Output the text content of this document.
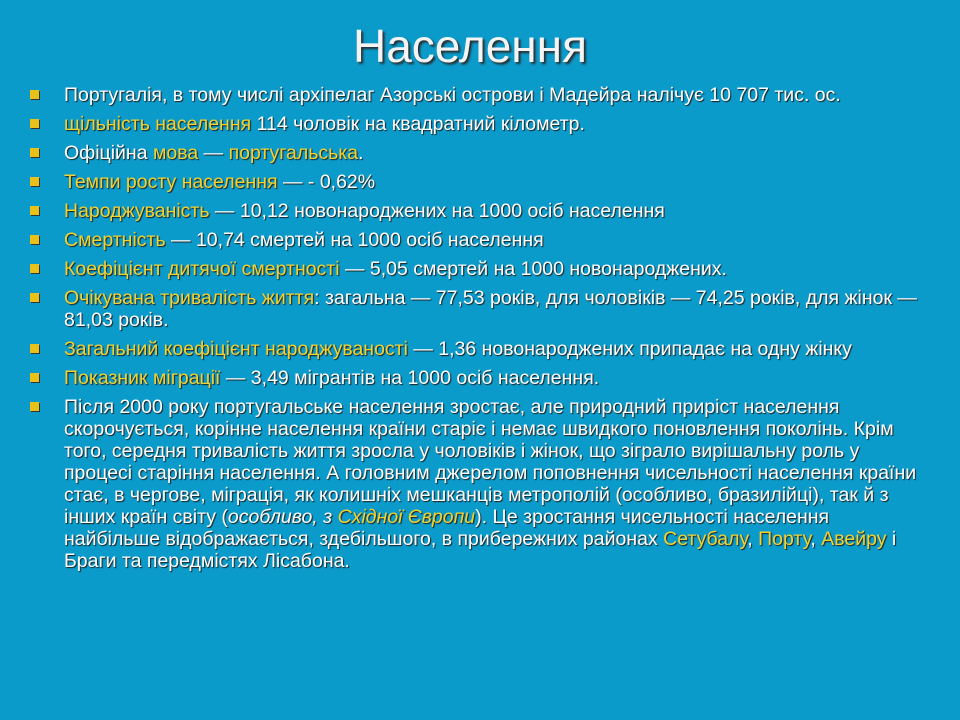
Населення
Португалія, в тому числі архіпелаг Азорські острови і Мадейра налічує 10 707 тис. ос.
щільність населення 114 чоловік на квадратний кілометр.
Офіційна мова — португальська.
Темпи росту населення — - 0,62%
Народжуваність — 10,12 новонароджених на 1000 осіб населення
Смертність — 10,74 смертей на 1000 осіб населення
Коефіцієнт дитячої смертності — 5,05 смертей на 1000 новонароджених.
Очікувана тривалість життя: загальна — 77,53 років, для чоловіків — 74,25 років, для жінок — 81,03 років.
Загальний коефіцієнт народжуваності — 1,36 новонароджених припадає на одну жінку
Показник міграції — 3,49 мігрантів на 1000 осіб населення.
Після 2000 року португальське населення зростає, але природний приріст населення скорочується, корінне населення країни старіє і немає швидкого поновлення поколінь. Крім того, середня тривалість життя зросла у чоловіків і жінок, що зіграло вирішальну роль у процесі старіння населення. А головним джерелом поповнення чисельності населення країни стає, в чергове, міграція, як колишніх мешканців метрополій (особливо, бразилійці), так й з інших країн світу (особливо, з Східної Європи). Це зростання чисельності населення найбільше відображається, здебільшого, в прибережних районах Сетубалу, Порту, Авейру і Браги та передмістях Лісабона.
